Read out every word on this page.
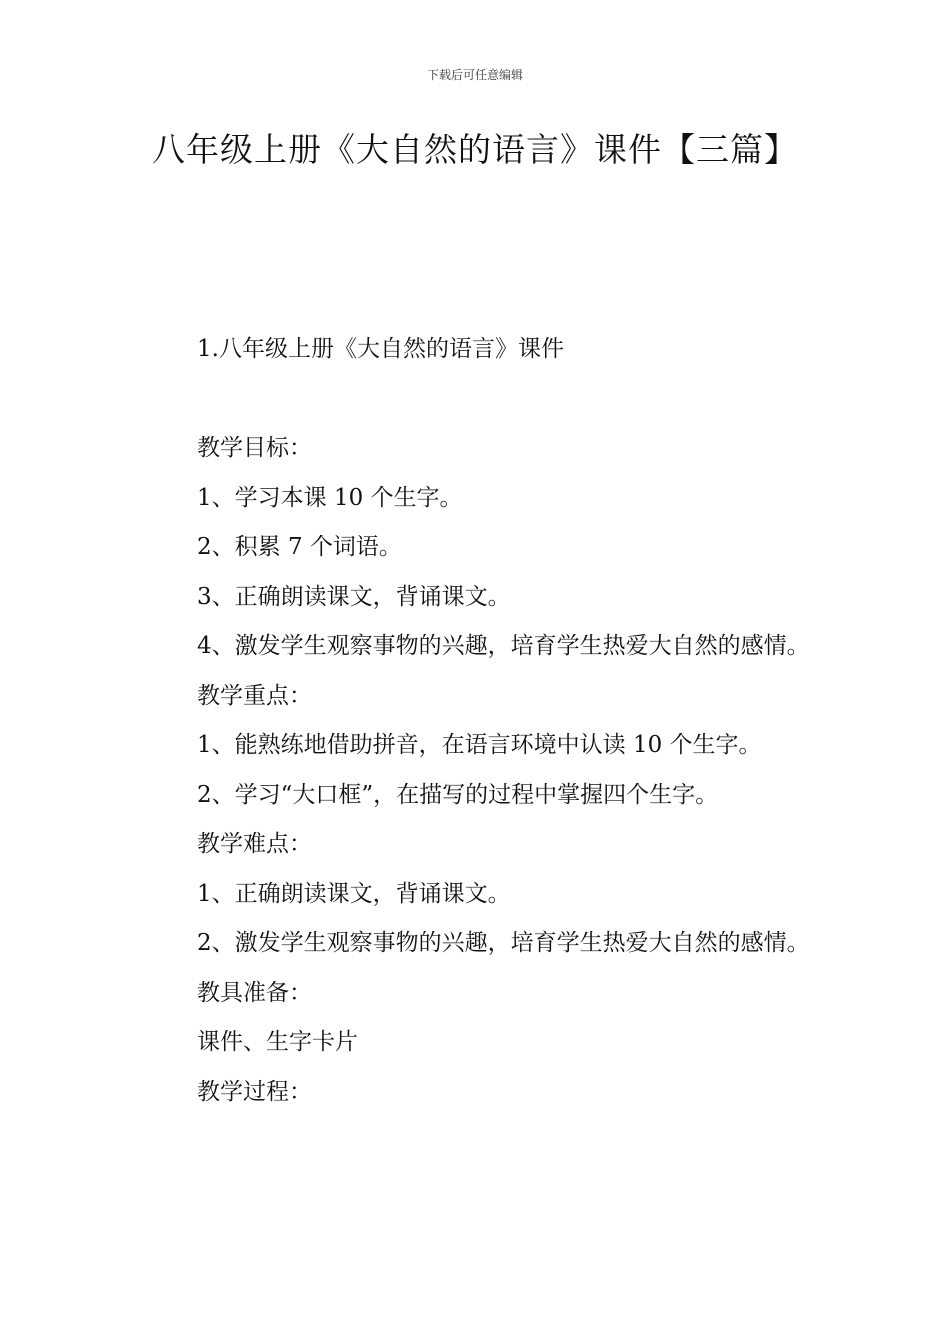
下载后可任意编辑
八年级上册《大自然的语言》课件【三篇】
1.八年级上册《大自然的语言》课件

教学目标：

1、学习本课 10 个生字。

2、积累 7 个词语。

3、正确朗读课文，背诵课文。

4、激发学生观察事物的兴趣，培育学生热爱大自然的感情。

教学重点：

1、能熟练地借助拼音，在语言环境中认读 10 个生字。

2、学习“大口框”，在描写的过程中掌握四个生字。

教学难点：

1、正确朗读课文，背诵课文。

2、激发学生观察事物的兴趣，培育学生热爱大自然的感情。

教具准备：

课件、生字卡片

教学过程：
